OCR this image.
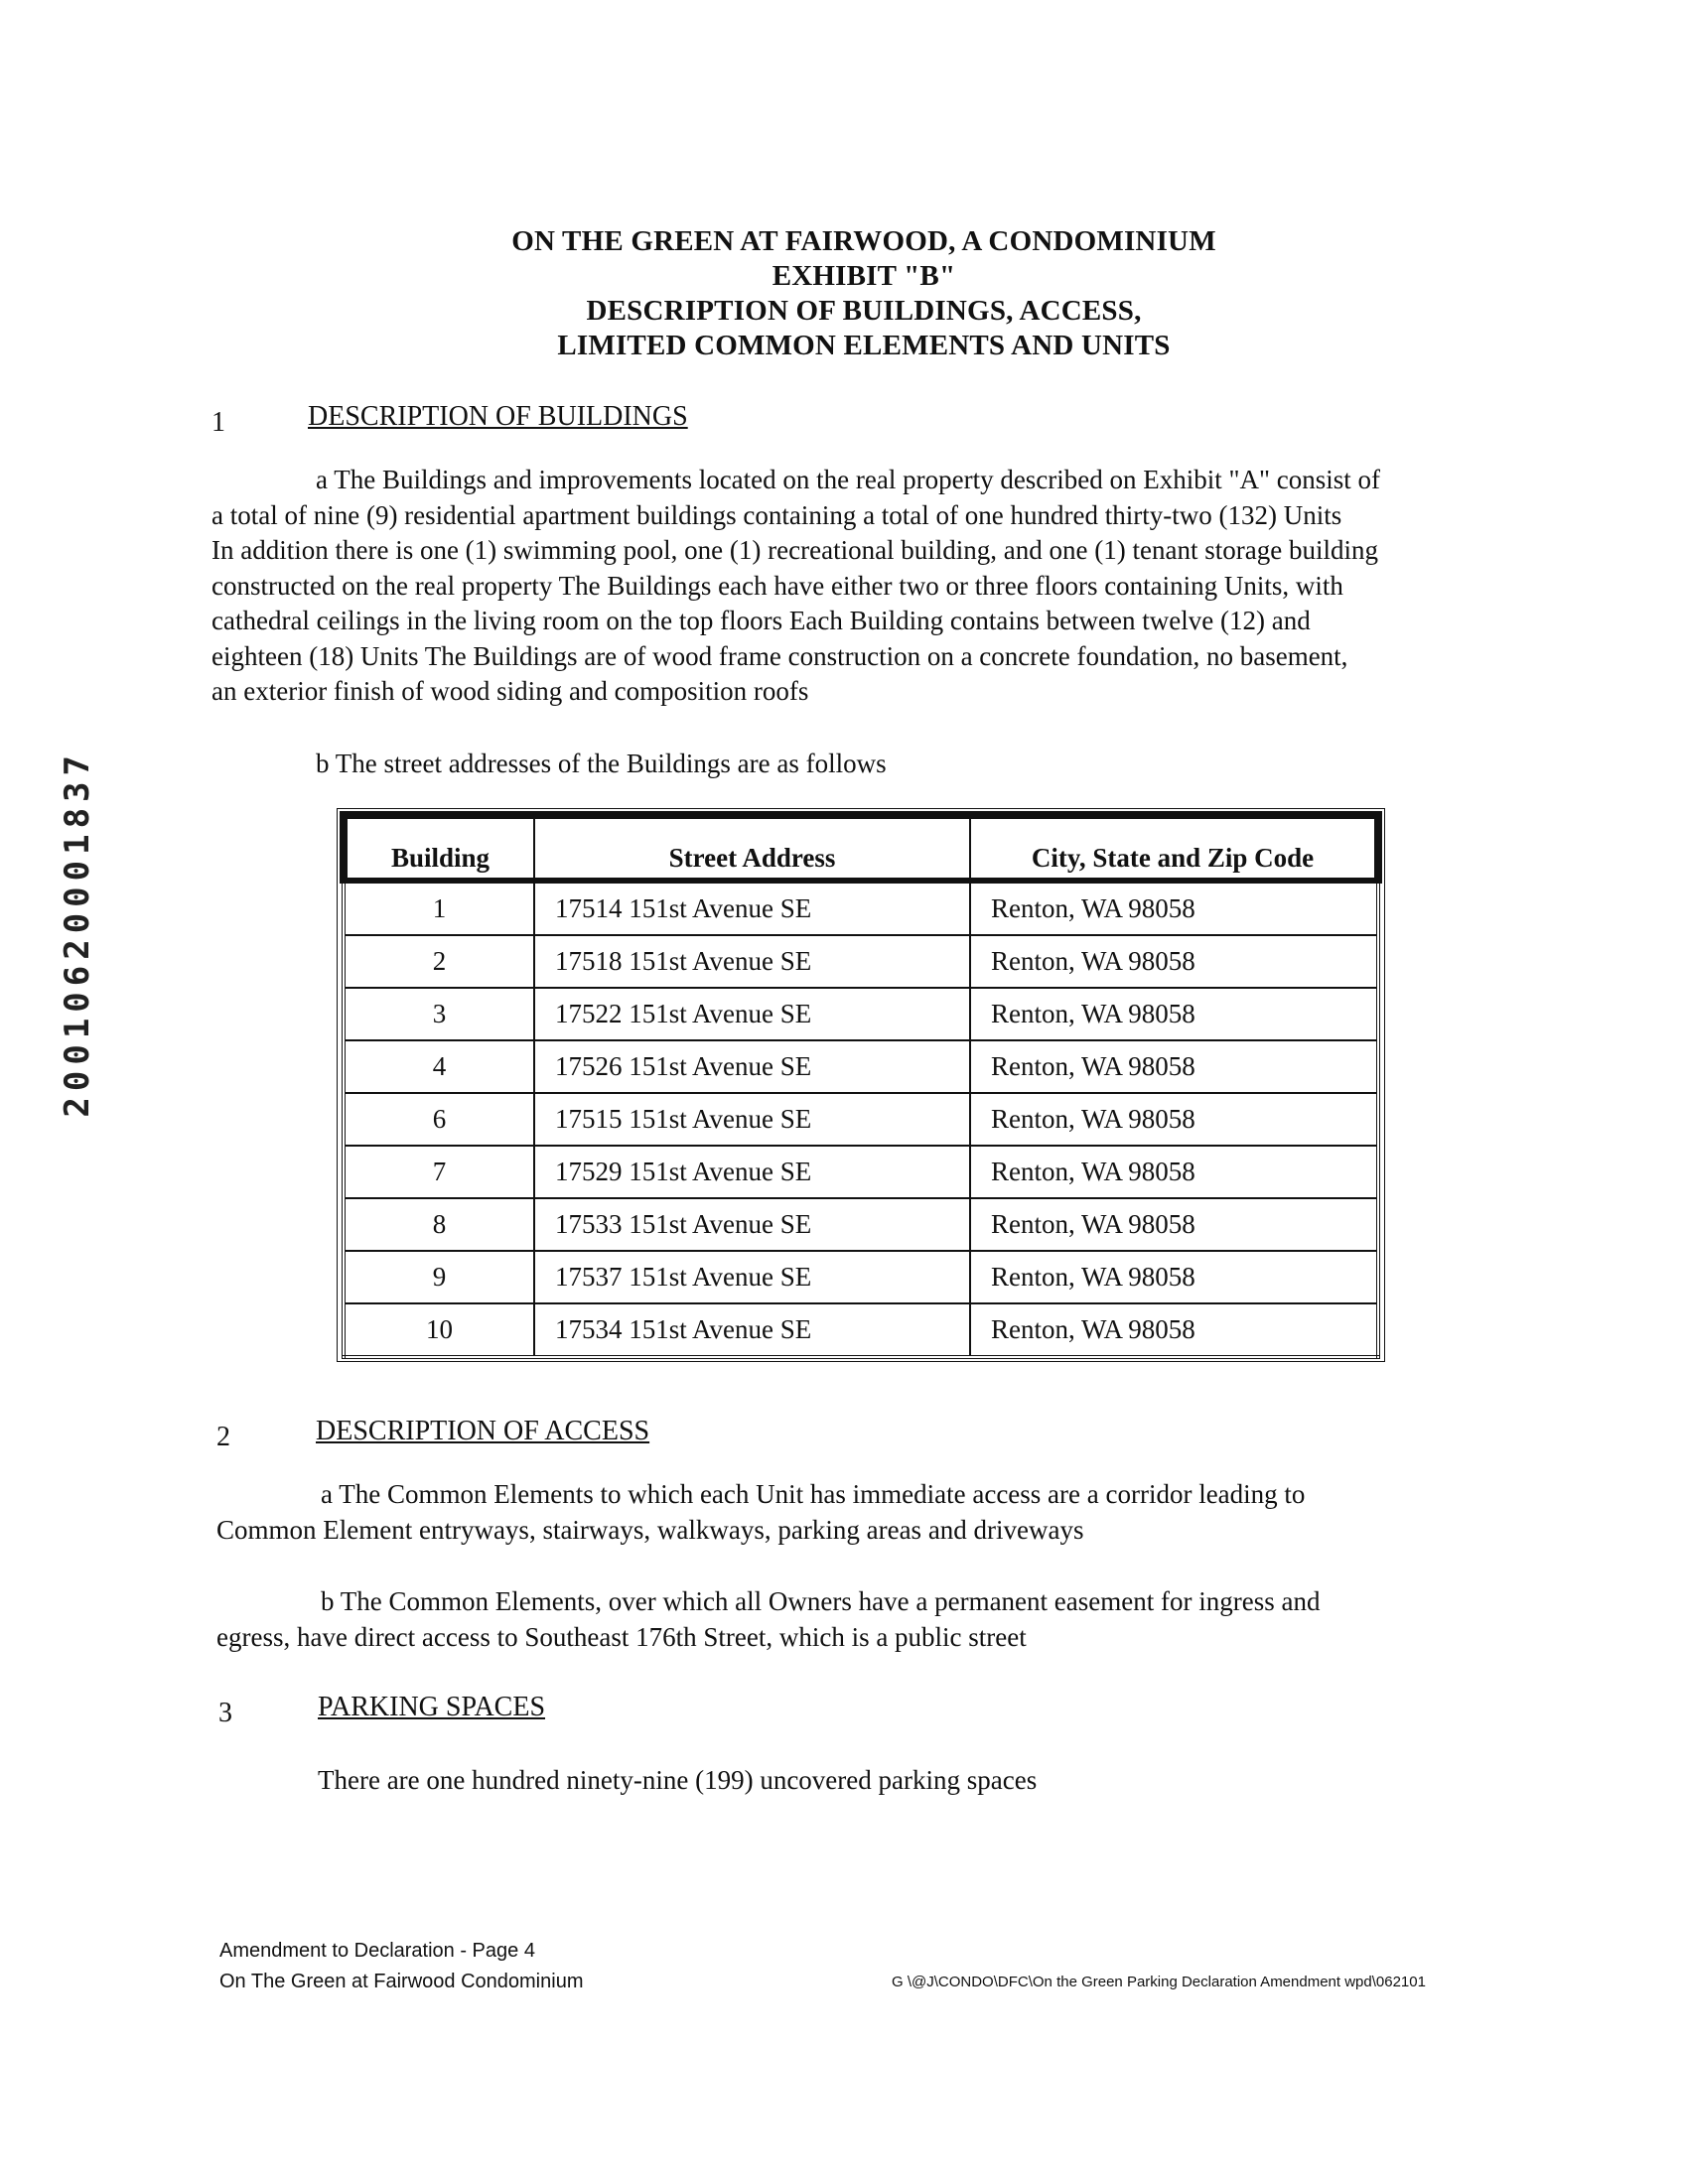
ON THE GREEN AT FAIRWOOD, A CONDOMINIUM
EXHIBIT "B"
DESCRIPTION OF BUILDINGS, ACCESS,
LIMITED COMMON ELEMENTS AND UNITS
20010620001837
1	DESCRIPTION OF BUILDINGS
a The Buildings and improvements located on the real property described on Exhibit "A" consist of
a total of nine (9) residential apartment buildings containing a total of one hundred thirty-two (132) Units
In addition there is one (1) swimming pool, one (1) recreational building, and one (1) tenant storage building
constructed on the real property The Buildings each have either two or three floors containing Units, with
cathedral ceilings in the living room on the top floors Each Building contains between twelve (12) and
eighteen (18) Units The Buildings are of wood frame construction on a concrete foundation, no basement,
an exterior finish of wood siding and composition roofs
b The street addresses of the Buildings are as follows
Building	Street Address	City, State and Zip Code
1	17514 151st Avenue SE	Renton, WA 98058
2	17518 151st Avenue SE	Renton, WA 98058
3	17522 151st Avenue SE	Renton, WA 98058
4	17526 151st Avenue SE	Renton, WA 98058
6	17515 151st Avenue SE	Renton, WA 98058
7	17529 151st Avenue SE	Renton, WA 98058
8	17533 151st Avenue SE	Renton, WA 98058
9	17537 151st Avenue SE	Renton, WA 98058
10	17534 151st Avenue SE	Renton, WA 98058
2	DESCRIPTION OF ACCESS
a The Common Elements to which each Unit has immediate access are a corridor leading to
Common Element entryways, stairways, walkways, parking areas and driveways
b The Common Elements, over which all Owners have a permanent easement for ingress and
egress, have direct access to Southeast 176th Street, which is a public street
3	PARKING SPACES
There are one hundred ninety-nine (199) uncovered parking spaces
Amendment to Declaration - Page 4
On The Green at Fairwood Condominium	G \@J\CONDO\DFC\On the Green Parking Declaration Amendment wpd\062101
